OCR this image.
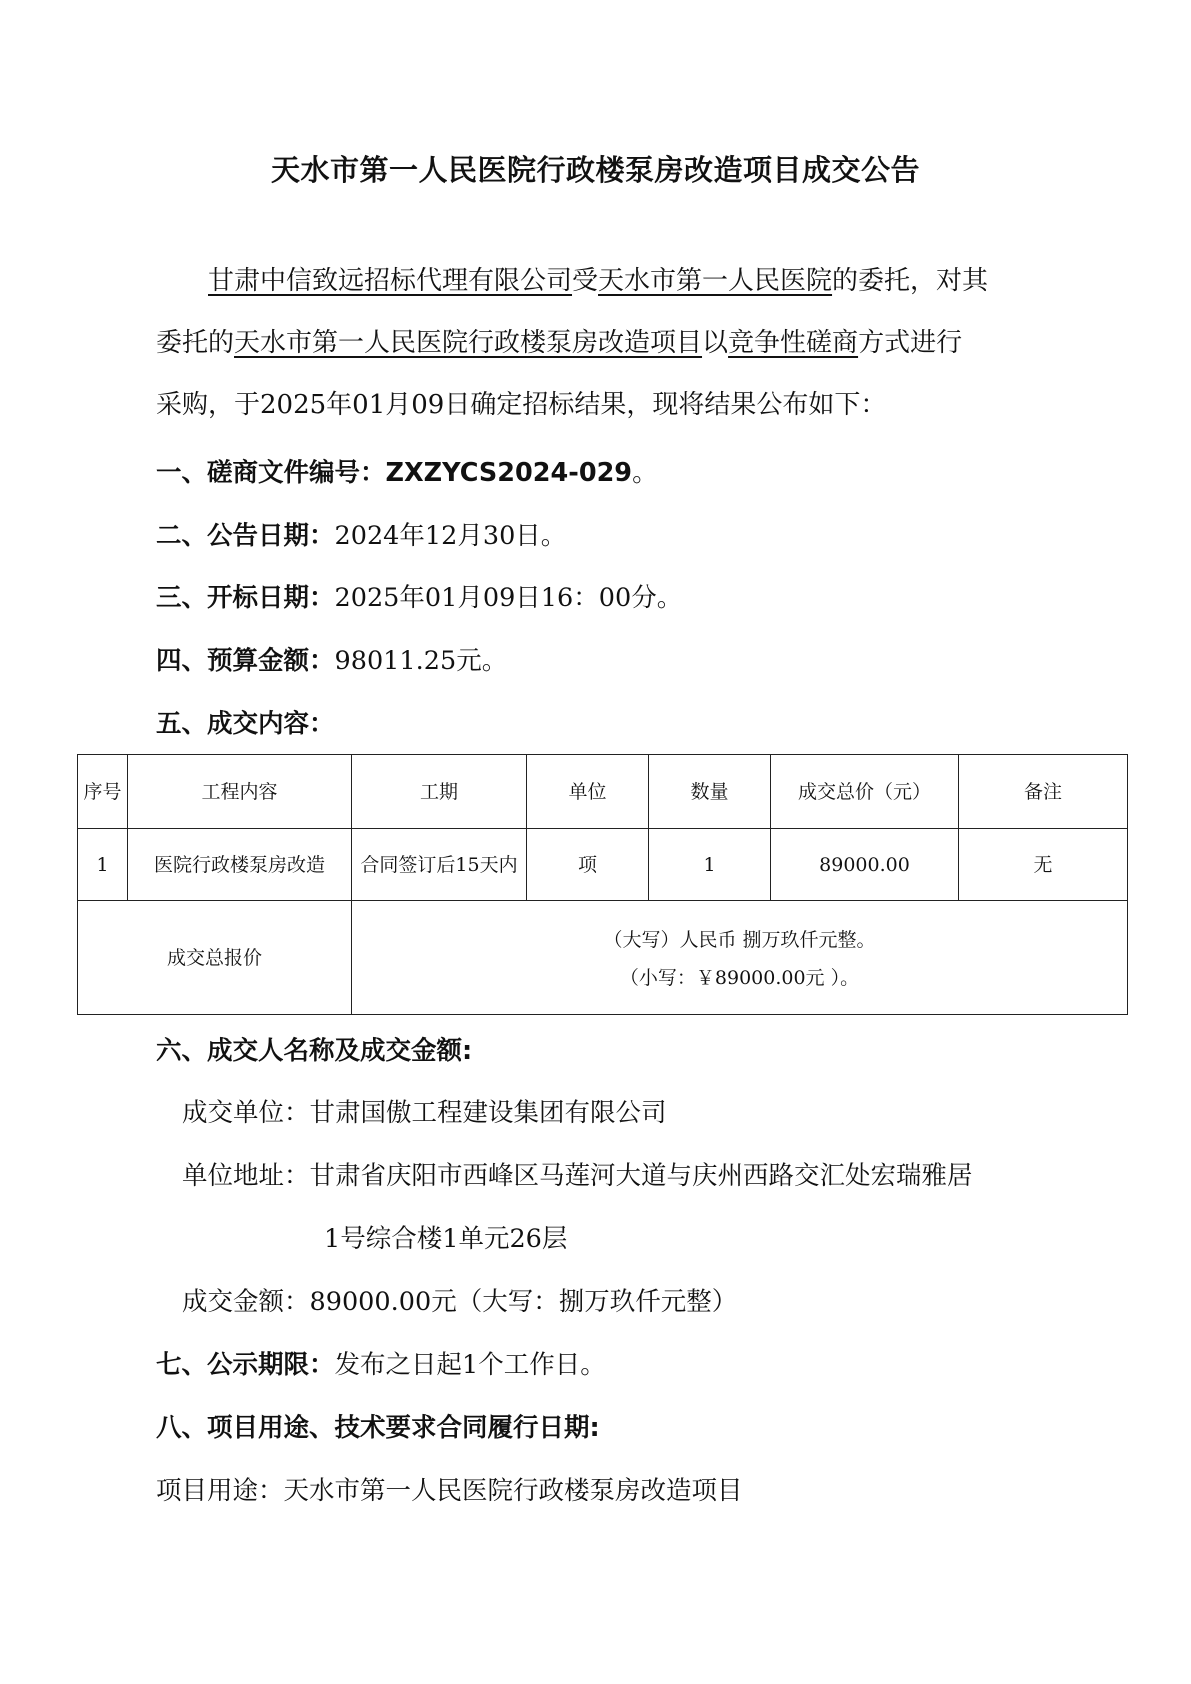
天水市第一人民医院行政楼泵房改造项目成交公告

甘肃中信致远招标代理有限公司受天水市第一人民医院的委托，对其

委托的天水市第一人民医院行政楼泵房改造项目以竞争性磋商方式进行

采购，于2025年01月09日确定招标结果，现将结果公布如下：

一、磋商文件编号：ZXZYCS2024-029。
二、公告日期：2024年12月30日。
三、开标日期：2025年01月09日16：00分。
四、预算金额：98011.25元。
五、成交内容：
序号	工程内容	工期	单位	数量	成交总价（元）	备注
1	医院行政楼泵房改造	合同签订后15天内	项	1	89000.00	无
成交总报价		（大写）人民币 捌万玖仟元整。
（小写：￥89000.00元 ）。				
六、成交人名称及成交金额:
成交单位：甘肃国傲工程建设集团有限公司
单位地址：甘肃省庆阳市西峰区马莲河大道与庆州西路交汇处宏瑞雅居
1号综合楼1单元26层
成交金额：89000.00元（大写：捌万玖仟元整）
七、公示期限：发布之日起1个工作日。
八、项目用途、技术要求合同履行日期:
项目用途：天水市第一人民医院行政楼泵房改造项目
